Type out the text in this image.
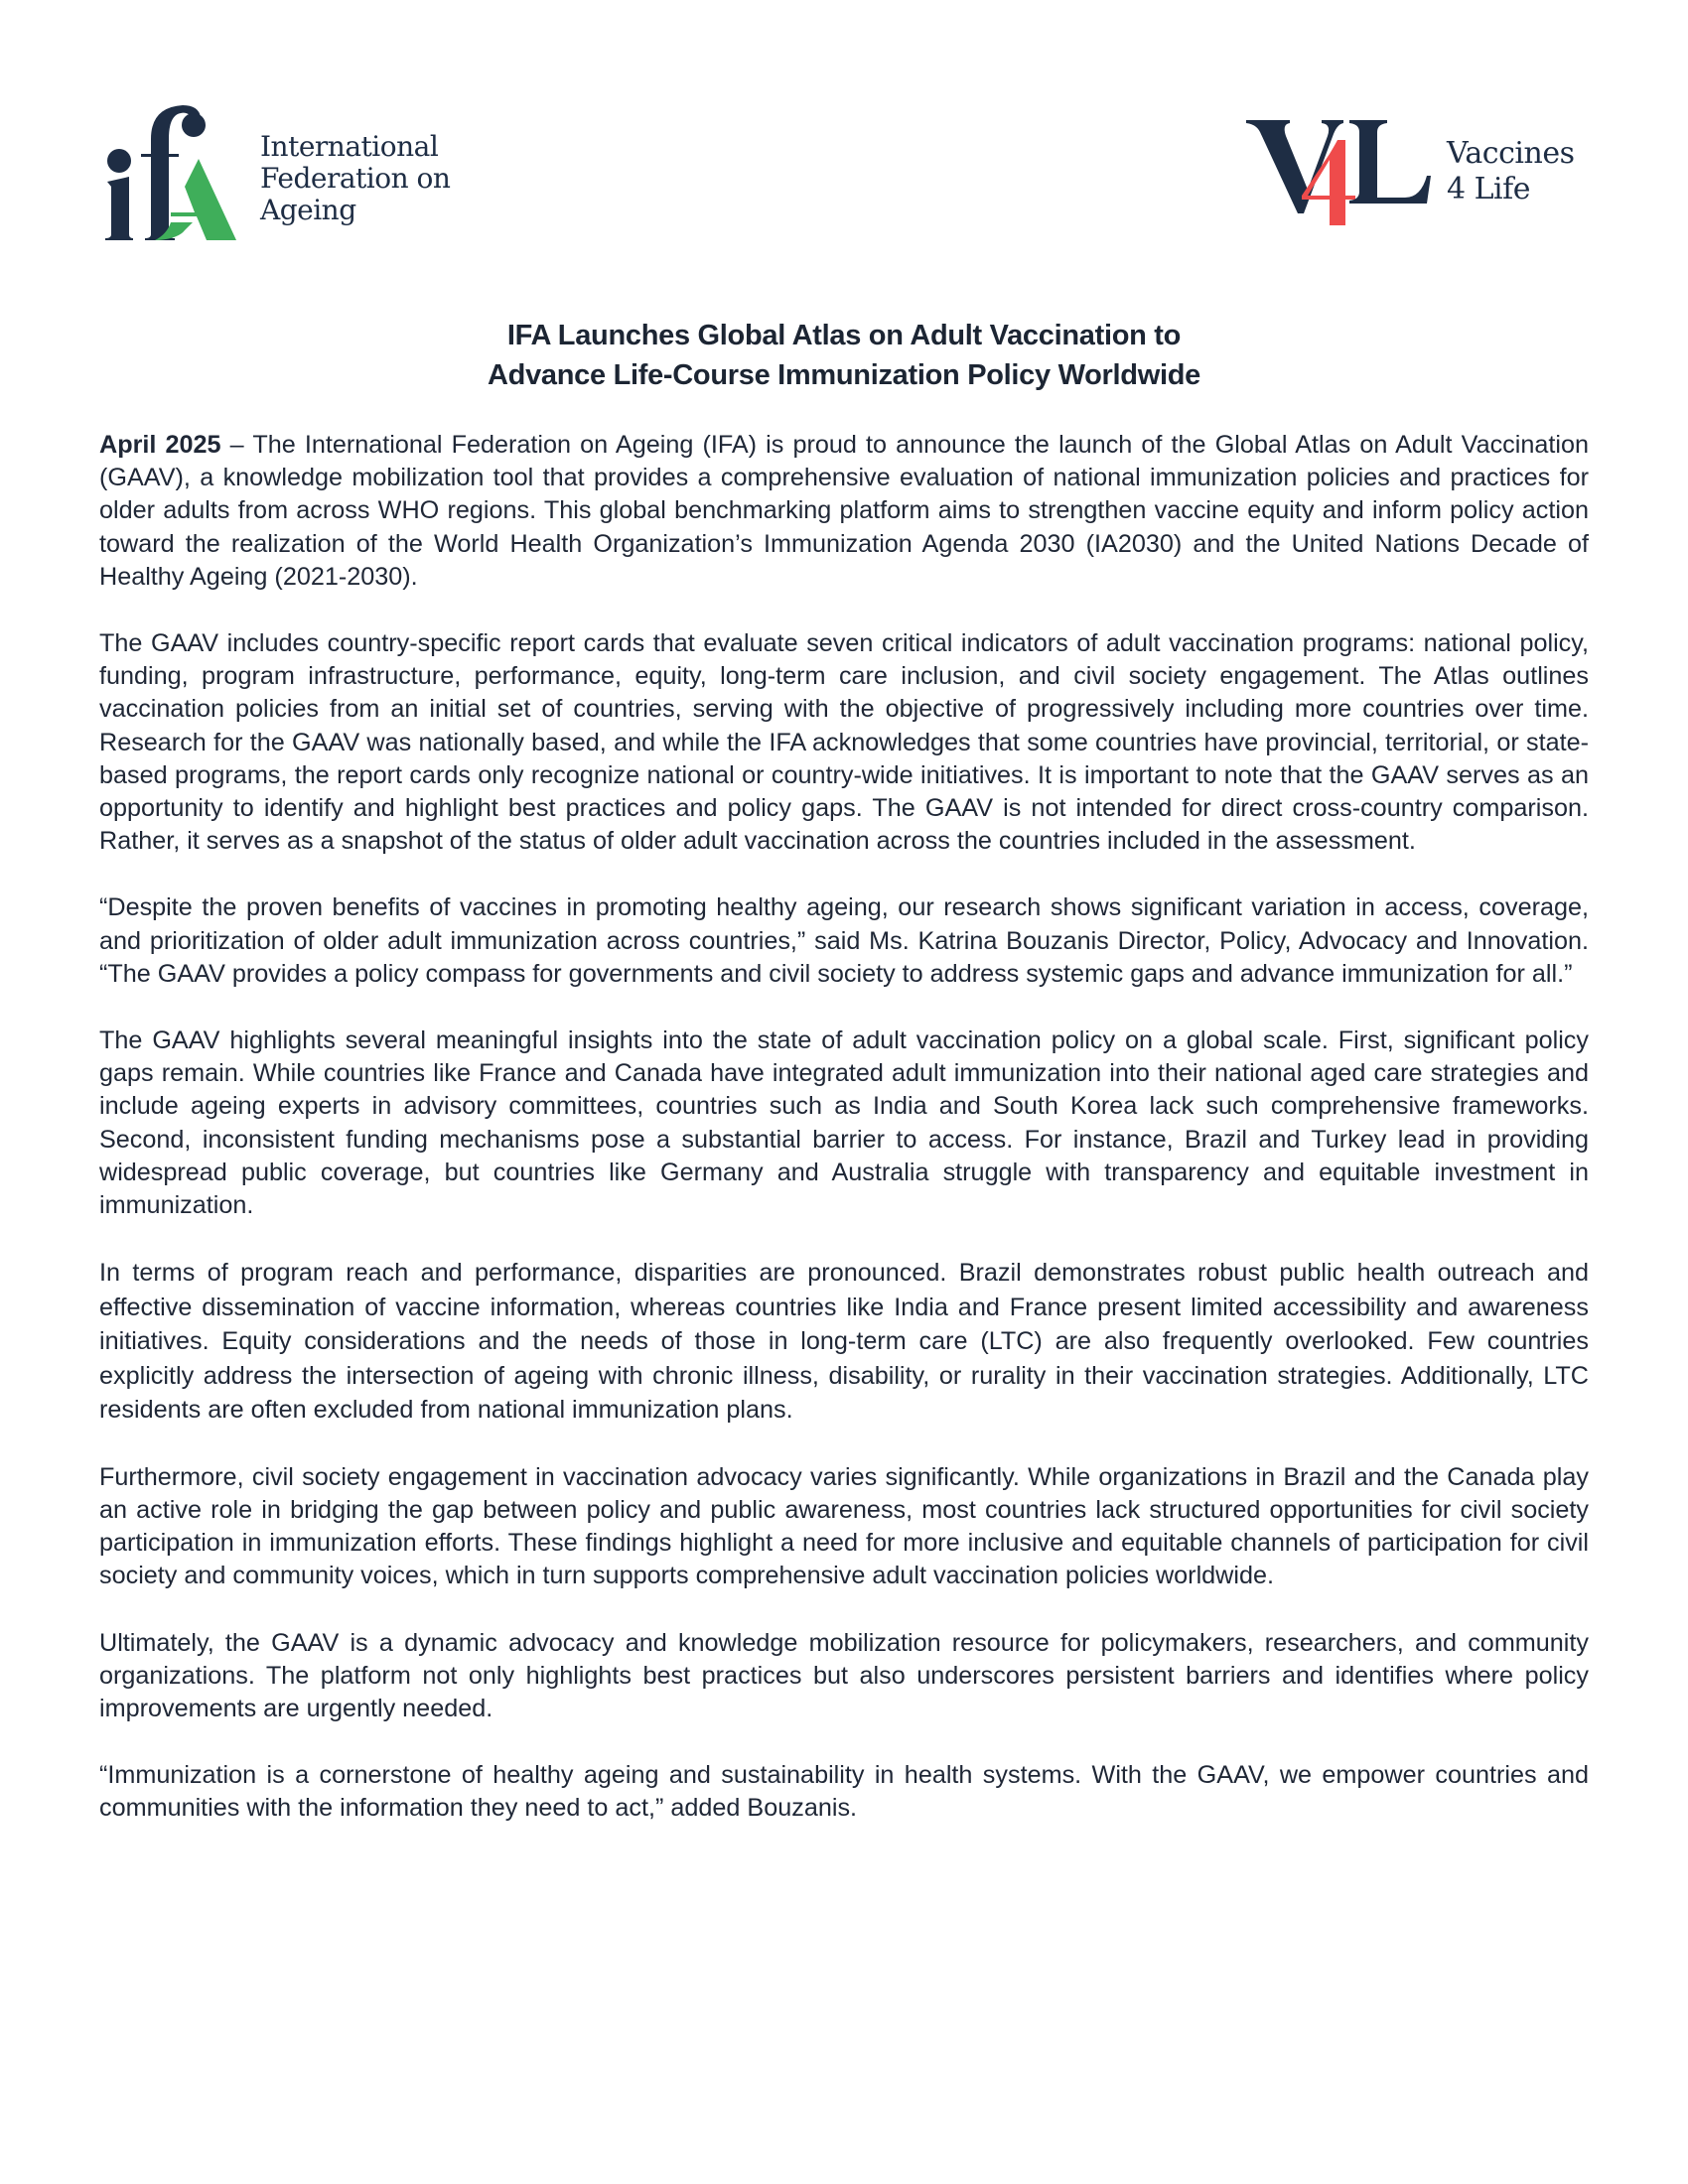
International
Federation on
Ageing
Vaccines
4 Life
IFA Launches Global Atlas on Adult Vaccination to
Advance Life-Course Immunization Policy Worldwide

April 2025 – The International Federation on Ageing (IFA) is proud to announce the launch of the Global Atlas on Adult Vaccination (GAAV), a knowledge mobilization tool that provides a comprehensive evaluation of national immunization policies and practices for older adults from across WHO regions. This global benchmarking platform aims to strengthen vaccine equity and inform policy action toward the realization of the World Health Organization’s Immunization Agenda 2030 (IA2030) and the United Nations Decade of Healthy Ageing (2021-2030).

The GAAV includes country-specific report cards that evaluate seven critical indicators of adult vaccination programs: national policy, funding, program infrastructure, performance, equity, long-term care inclusion, and civil society engagement. The Atlas outlines vaccination policies from an initial set of countries, serving with the objective of progressively including more countries over time. Research for the GAAV was nationally based, and while the IFA acknowledges that some countries have provincial, territorial, or state-based programs, the report cards only recognize national or country-wide initiatives. It is important to note that the GAAV serves as an opportunity to identify and highlight best practices and policy gaps. The GAAV is not intended for direct cross-country comparison. Rather, it serves as a snapshot of the status of older adult vaccination across the countries included in the assessment.

“Despite the proven benefits of vaccines in promoting healthy ageing, our research shows significant variation in access, coverage, and prioritization of older adult immunization across countries,” said Ms. Katrina Bouzanis Director, Policy, Advocacy and Innovation. “The GAAV provides a policy compass for governments and civil society to address systemic gaps and advance immunization for all.”

The GAAV highlights several meaningful insights into the state of adult vaccination policy on a global scale. First, significant policy gaps remain. While countries like France and Canada have integrated adult immunization into their national aged care strategies and include ageing experts in advisory committees, countries such as India and South Korea lack such comprehensive frameworks. Second, inconsistent funding mechanisms pose a substantial barrier to access. For instance, Brazil and Turkey lead in providing widespread public coverage, but countries like Germany and Australia struggle with transparency and equitable investment in immunization.

In terms of program reach and performance, disparities are pronounced. Brazil demonstrates robust public health outreach and effective dissemination of vaccine information, whereas countries like India and France present limited accessibility and awareness initiatives. Equity considerations and the needs of those in long-term care (LTC) are also frequently overlooked. Few countries explicitly address the intersection of ageing with chronic illness, disability, or rurality in their vaccination strategies. Additionally, LTC residents are often excluded from national immunization plans.

Furthermore, civil society engagement in vaccination advocacy varies significantly. While organizations in Brazil and the Canada play an active role in bridging the gap between policy and public awareness, most countries lack structured opportunities for civil society participation in immunization efforts. These findings highlight a need for more inclusive and equitable channels of participation for civil society and community voices, which in turn supports comprehensive adult vaccination policies worldwide.

Ultimately, the GAAV is a dynamic advocacy and knowledge mobilization resource for policymakers, researchers, and community organizations. The platform not only highlights best practices but also underscores persistent barriers and identifies where policy improvements are urgently needed.

“Immunization is a cornerstone of healthy ageing and sustainability in health systems. With the GAAV, we empower countries and communities with the information they need to act,” added Bouzanis.
